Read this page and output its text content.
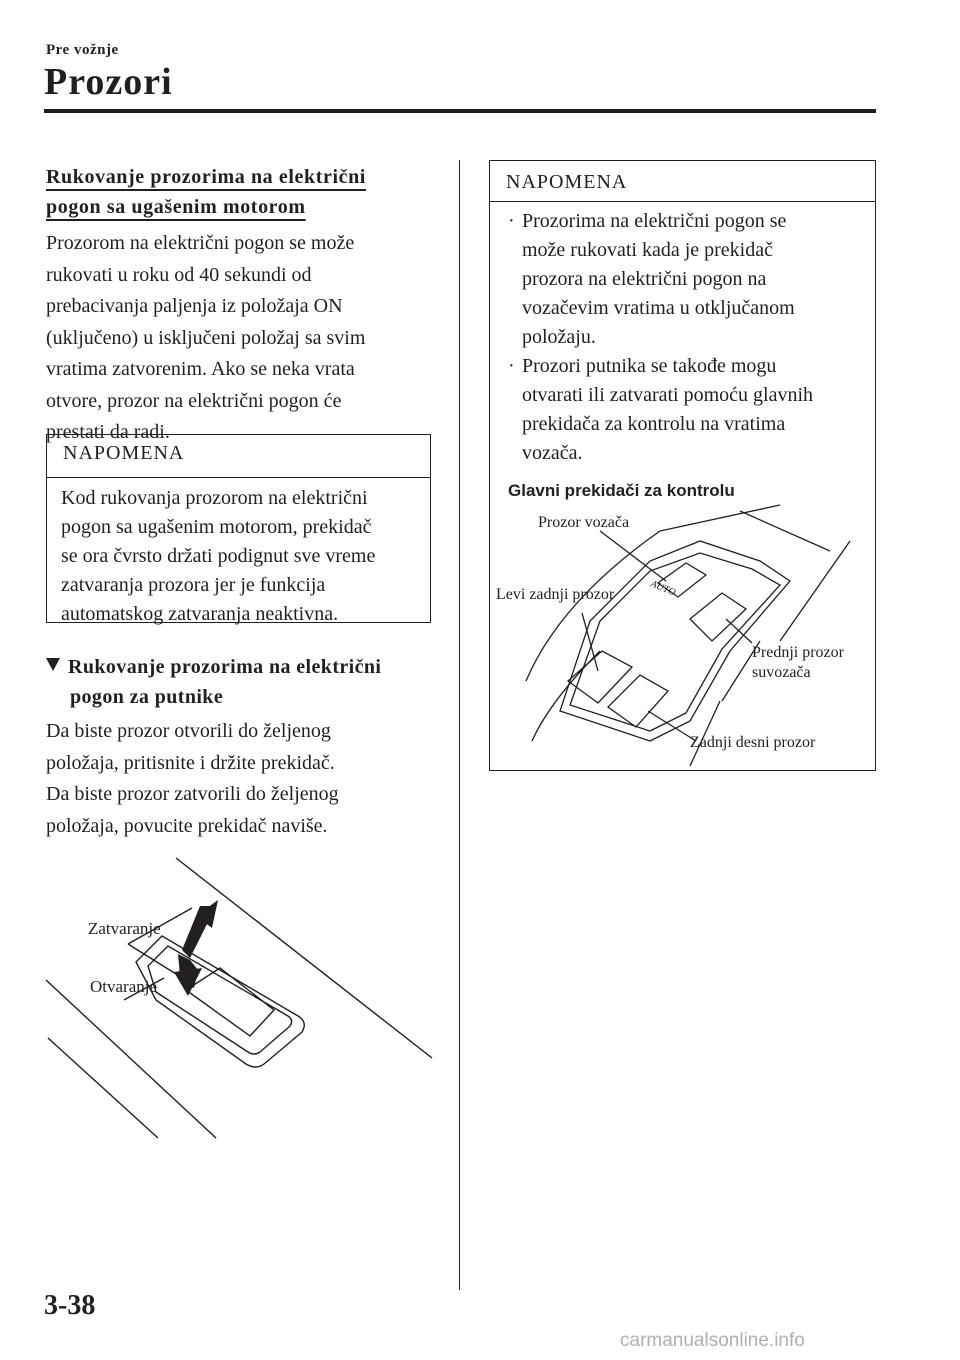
Pre vožnje
Prozori
Rukovanje prozorima na električni
pogon sa ugašenim motorom
Prozorom na električni pogon se može
rukovati u roku od 40 sekundi od
prebacivanja paljenja iz položaja ON
(uključeno) u isključeni položaj sa svim
vratima zatvorenim. Ako se neka vrata
otvore, prozor na električni pogon će
prestati da radi.
NAPOMENA
Kod rukovanja prozorom na električni
pogon sa ugašenim motorom, prekidač
se ora čvrsto držati podignut sve vreme
zatvaranja prozora jer je funkcija
automatskog zatvaranja neaktivna.
Rukovanje prozorima na električni
pogon za putnike
Da biste prozor otvorili do željenog
položaja, pritisnite i držite prekidač.
Da biste prozor zatvorili do željenog
položaja, povucite prekidač naviše.
Zatvaranje
Otvaranje
NAPOMENA
· Prozorima na električni pogon se
može rukovati kada je prekidač
prozora na električni pogon na
vozačevim vratima u otključanom
položaju.
· Prozori putnika se takođe mogu
otvarati ili zatvarati pomoću glavnih
prekidača za kontrolu na vratima
vozača.
Glavni prekidači za kontrolu
AUTO
Prozor vozača
Levi zadnji prozor
Prednji prozor
suvozača
Zadnji desni prozor
3-38
carmanualsonline.info
